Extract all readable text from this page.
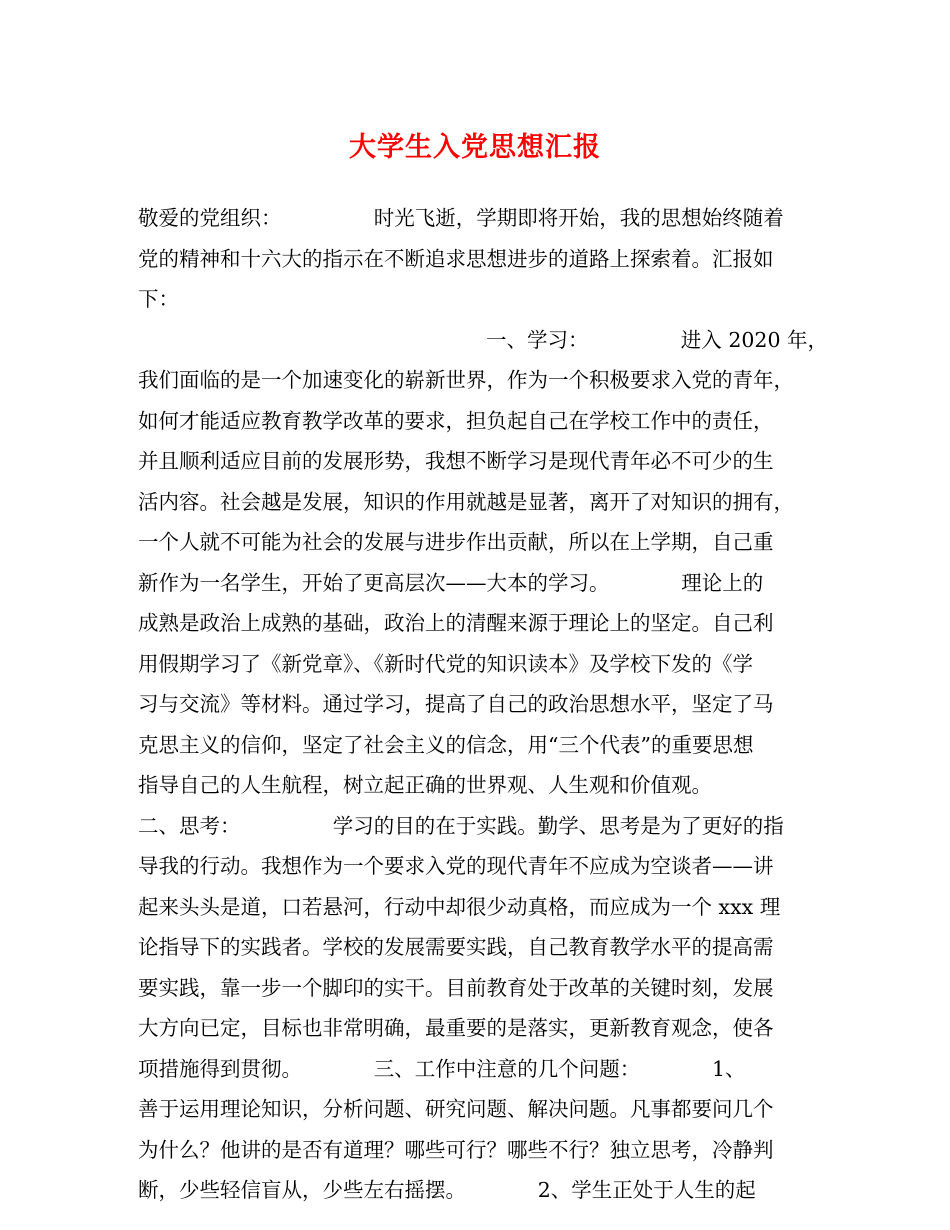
大学生入党思想汇报
敬爱的党组织：　　　　　时光飞逝，学期即将开始，我的思想始终随着
党的精神和十六大的指示在不断追求思想进步的道路上探索着。汇报如
下：
一、学习：　　　　　进入 2020 年，
我们面临的是一个加速变化的崭新世界，作为一个积极要求入党的青年，
如何才能适应教育教学改革的要求，担负起自己在学校工作中的责任，
并且顺利适应目前的发展形势，我想不断学习是现代青年必不可少的生
活内容。社会越是发展，知识的作用就越是显著，离开了对知识的拥有，
一个人就不可能为社会的发展与进步作出贡献，所以在上学期，自己重
新作为一名学生，开始了更高层次——大本的学习。　　　　理论上的
成熟是政治上成熟的基础，政治上的清醒来源于理论上的坚定。自己利
用假期学习了《新党章》、《新时代党的知识读本》及学校下发的《学
习与交流》等材料。通过学习，提高了自己的政治思想水平，坚定了马
克思主义的信仰，坚定了社会主义的信念，用“三个代表”的重要思想
指导自己的人生航程，树立起正确的世界观、人生观和价值观。
二、思考：　　　　　学习的目的在于实践。勤学、思考是为了更好的指
导我的行动。我想作为一个要求入党的现代青年不应成为空谈者——讲
起来头头是道，口若悬河，行动中却很少动真格，而应成为一个 xxx 理
论指导下的实践者。学校的发展需要实践，自己教育教学水平的提高需
要实践，靠一步一个脚印的实干。目前教育处于改革的关键时刻，发展
大方向已定，目标也非常明确，最重要的是落实，更新教育观念，使各
项措施得到贯彻。　　　　三、工作中注意的几个问题：　　　　1、
善于运用理论知识，分析问题、研究问题、解决问题。凡事都要问几个
为什么？他讲的是否有道理？哪些可行？哪些不行？独立思考，冷静判
断，少些轻信盲从，少些左右摇摆。　　　　2、学生正处于人生的起
